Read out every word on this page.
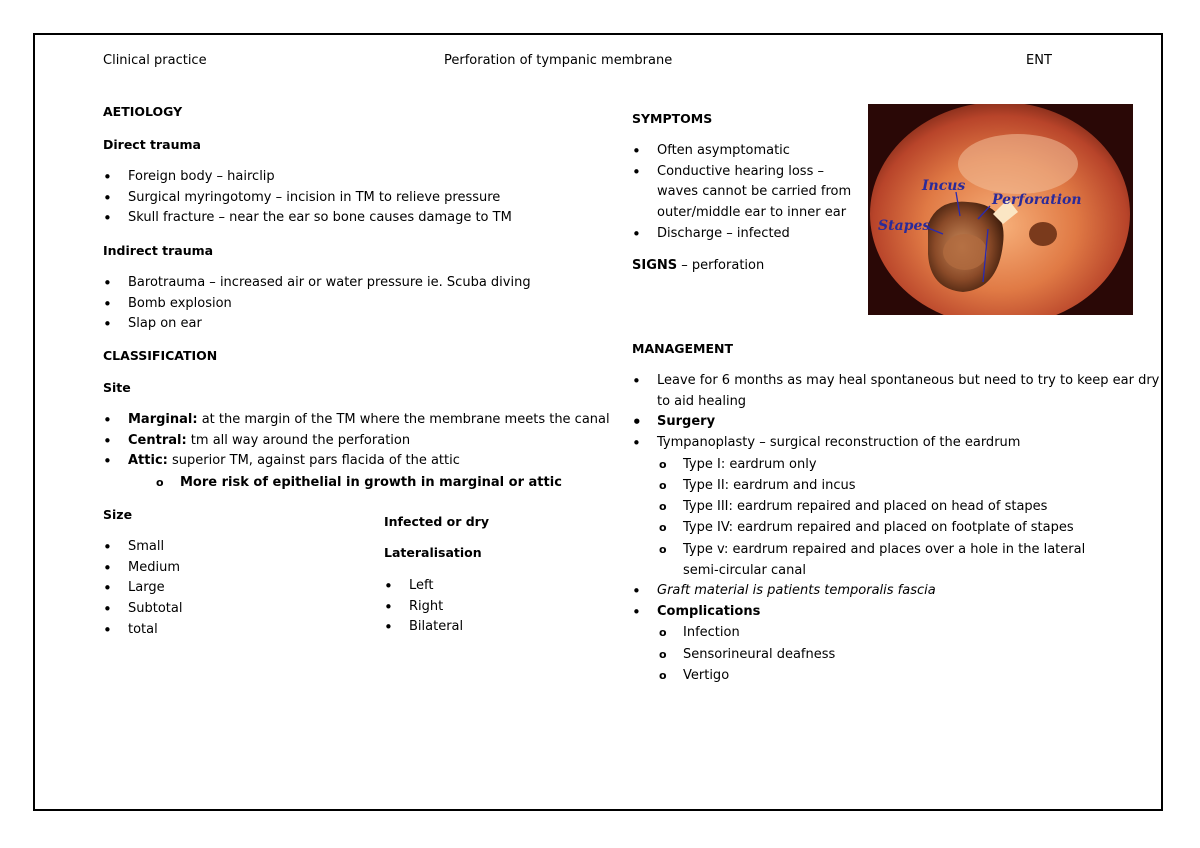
Clinical practice	Perforation of tympanic membrane	ENT
AETIOLOGY
Direct trauma
• Foreign body – hairclip
• Surgical myringotomy – incision in TM to relieve pressure
• Skull fracture – near the ear so bone causes damage to TM
Indirect trauma
• Barotrauma – increased air or water pressure ie. Scuba diving
• Bomb explosion
• Slap on ear
CLASSIFICATION
Site
• Marginal: at the margin of the TM where the membrane meets the canal
• Central: tm all way around the perforation
• Attic: superior TM, against pars flacida of the attic
o More risk of epithelial in growth in marginal or attic
Size
• Small
• Medium
• Large
• Subtotal
• total
Infected or dry
Lateralisation
• Left
• Right
• Bilateral
SYMPTOMS
• Often asymptomatic
• Conductive hearing loss – waves cannot be carried from outer/middle ear to inner ear
• Discharge – infected
SIGNS – perforation
Incus
Perforation
Stapes
MANAGEMENT
• Leave for 6 months as may heal spontaneous but need to try to keep ear dry to aid healing
• Surgery
• Tympanoplasty – surgical reconstruction of the eardrum
o Type I: eardrum only
o Type II: eardrum and incus
o Type III: eardrum repaired and placed on head of stapes
o Type IV: eardrum repaired and placed on footplate of stapes
o Type v: eardrum repaired and places over a hole in the lateral semi-circular canal
• Graft material is patients temporalis fascia
• Complications
o Infection
o Sensorineural deafness
o Vertigo
